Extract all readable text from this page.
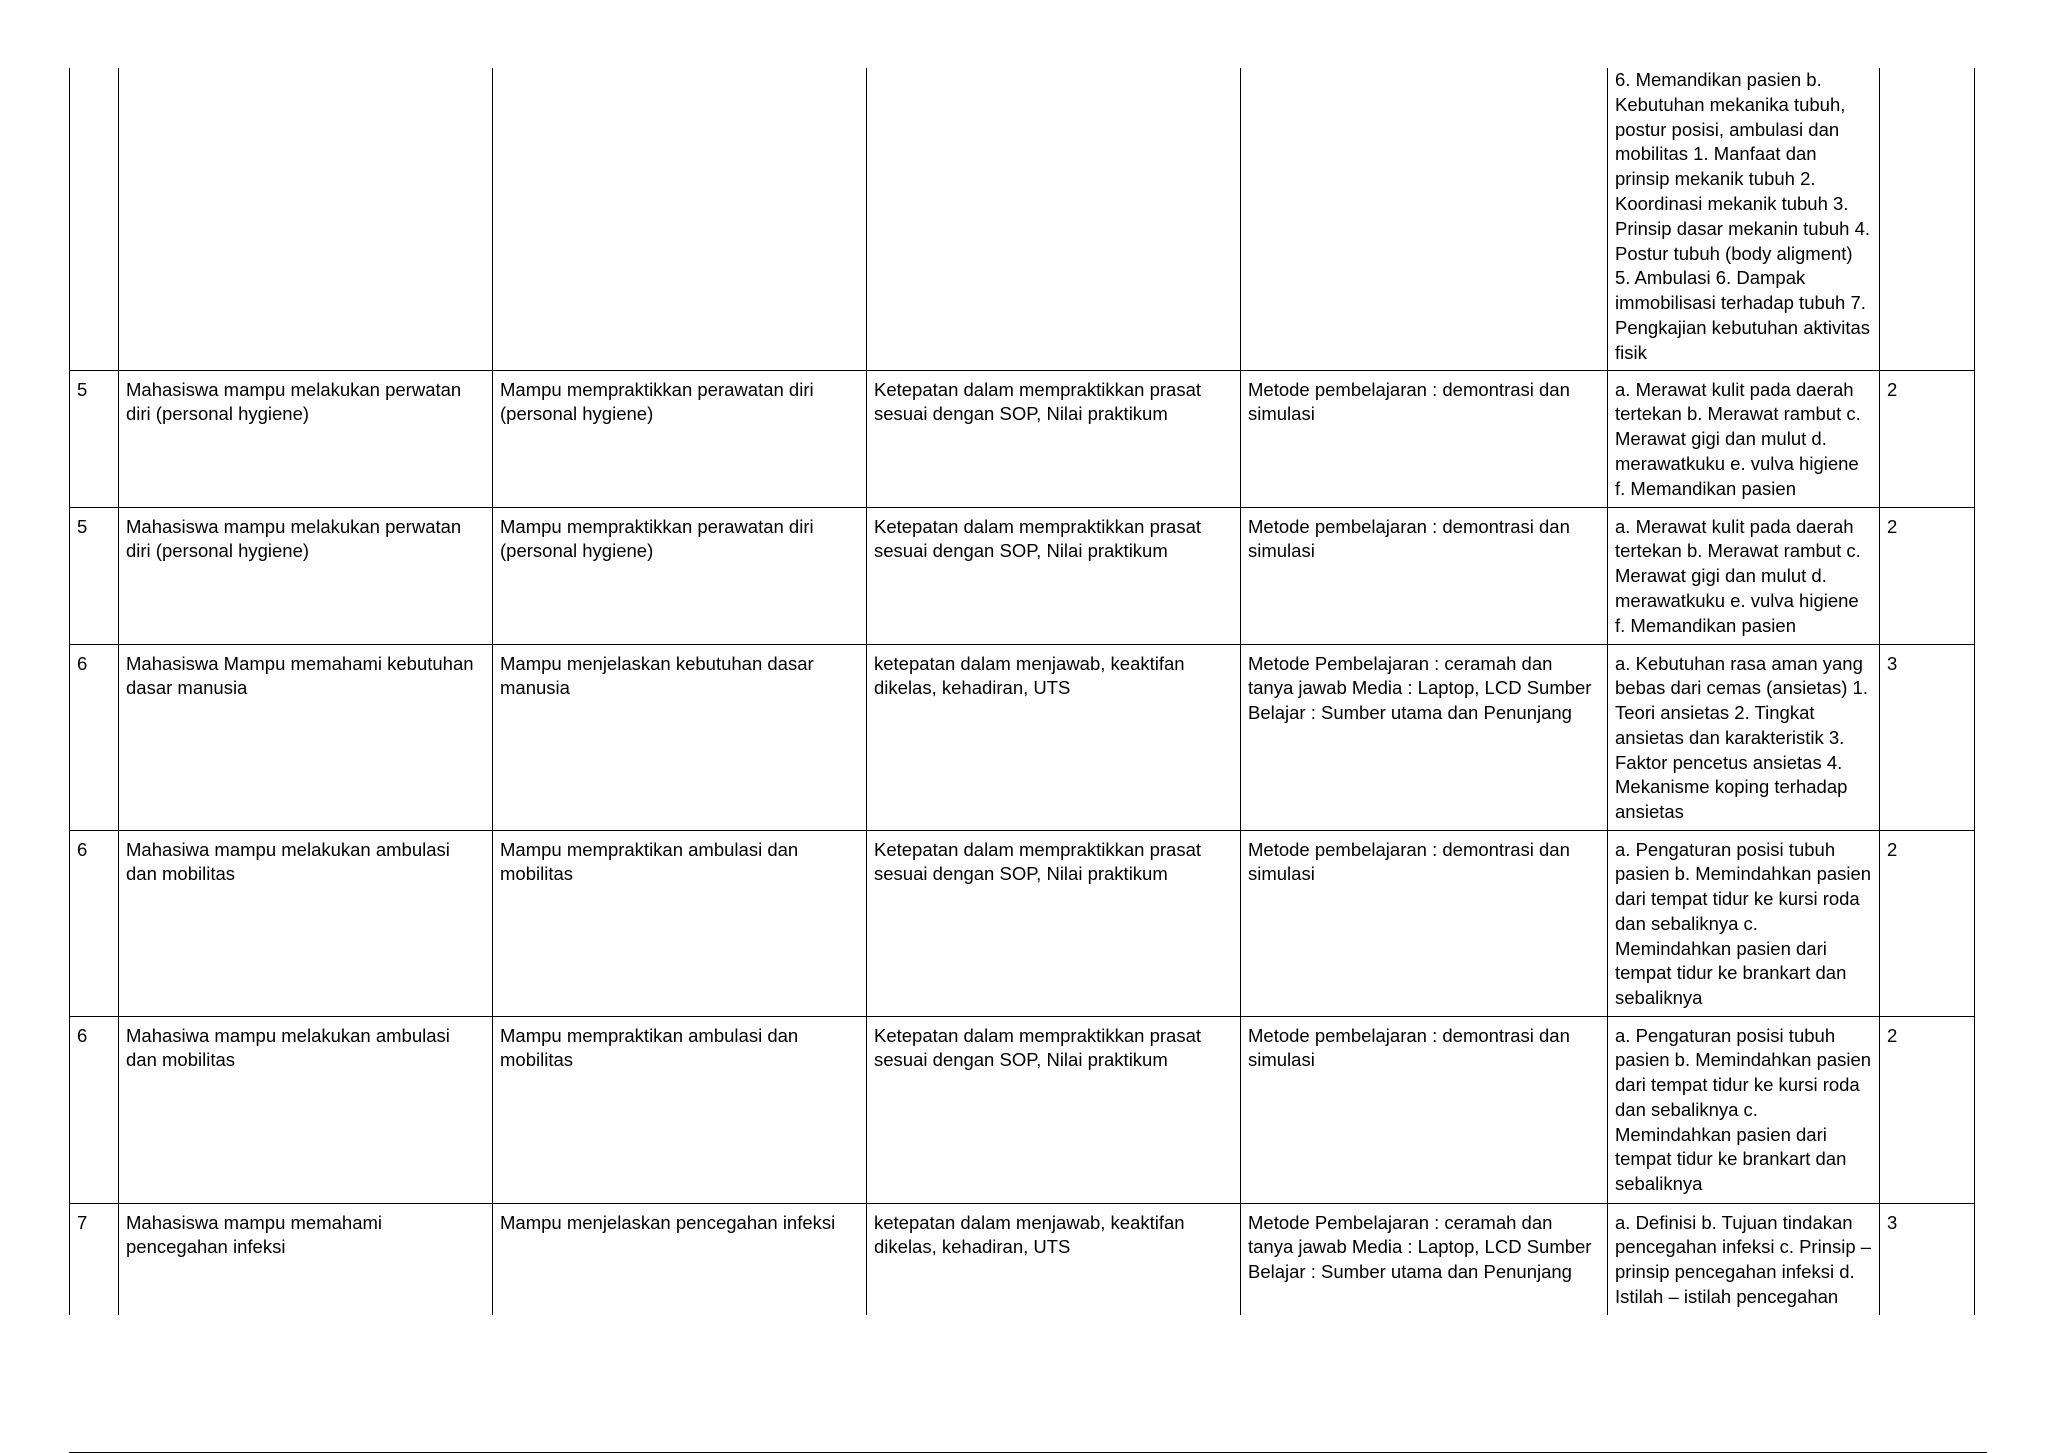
					6. Memandikan pasien b. Kebutuhan mekanika tubuh, postur posisi, ambulasi dan mobilitas 1. Manfaat dan prinsip mekanik tubuh 2. Koordinasi mekanik tubuh 3. Prinsip dasar mekanin tubuh 4. Postur tubuh (body aligment) 5. Ambulasi 6. Dampak immobilisasi terhadap tubuh 7. Pengkajian kebutuhan aktivitas fisik	
5	Mahasiswa mampu melakukan perwatan diri (personal hygiene)	Mampu mempraktikkan perawatan diri (personal hygiene)	Ketepatan dalam mempraktikkan prasat sesuai dengan SOP, Nilai praktikum	Metode pembelajaran : demontrasi dan simulasi	a. Merawat kulit pada daerah tertekan b. Merawat rambut c. Merawat gigi dan mulut d. merawatkuku e. vulva higiene f. Memandikan pasien	2
5	Mahasiswa mampu melakukan perwatan diri (personal hygiene)	Mampu mempraktikkan perawatan diri (personal hygiene)	Ketepatan dalam mempraktikkan prasat sesuai dengan SOP, Nilai praktikum	Metode pembelajaran : demontrasi dan simulasi	a. Merawat kulit pada daerah tertekan b. Merawat rambut c. Merawat gigi dan mulut d. merawatkuku e. vulva higiene f. Memandikan pasien	2
6	Mahasiswa Mampu memahami kebutuhan dasar manusia	Mampu menjelaskan kebutuhan dasar manusia	ketepatan dalam menjawab, keaktifan dikelas, kehadiran, UTS	Metode Pembelajaran : ceramah dan tanya jawab Media : Laptop, LCD Sumber Belajar : Sumber utama dan Penunjang	a. Kebutuhan rasa aman yang bebas dari cemas (ansietas) 1. Teori ansietas 2. Tingkat ansietas dan karakteristik 3. Faktor pencetus ansietas 4. Mekanisme koping terhadap ansietas	3
6	Mahasiwa mampu melakukan ambulasi dan mobilitas	Mampu mempraktikan ambulasi dan mobilitas	Ketepatan dalam mempraktikkan prasat sesuai dengan SOP, Nilai praktikum	Metode pembelajaran : demontrasi dan simulasi	a. Pengaturan posisi tubuh pasien b. Memindahkan pasien dari tempat tidur ke kursi roda dan sebaliknya c. Memindahkan pasien dari tempat tidur ke brankart dan sebaliknya	2
6	Mahasiwa mampu melakukan ambulasi dan mobilitas	Mampu mempraktikan ambulasi dan mobilitas	Ketepatan dalam mempraktikkan prasat sesuai dengan SOP, Nilai praktikum	Metode pembelajaran : demontrasi dan simulasi	a. Pengaturan posisi tubuh pasien b. Memindahkan pasien dari tempat tidur ke kursi roda dan sebaliknya c. Memindahkan pasien dari tempat tidur ke brankart dan sebaliknya	2
7	Mahasiswa mampu memahami pencegahan infeksi	Mampu menjelaskan pencegahan infeksi	ketepatan dalam menjawab, keaktifan dikelas, kehadiran, UTS	Metode Pembelajaran : ceramah dan tanya jawab Media : Laptop, LCD Sumber Belajar : Sumber utama dan Penunjang	a. Definisi b. Tujuan tindakan pencegahan infeksi c. Prinsip – prinsip pencegahan infeksi d. Istilah – istilah pencegahan	3
